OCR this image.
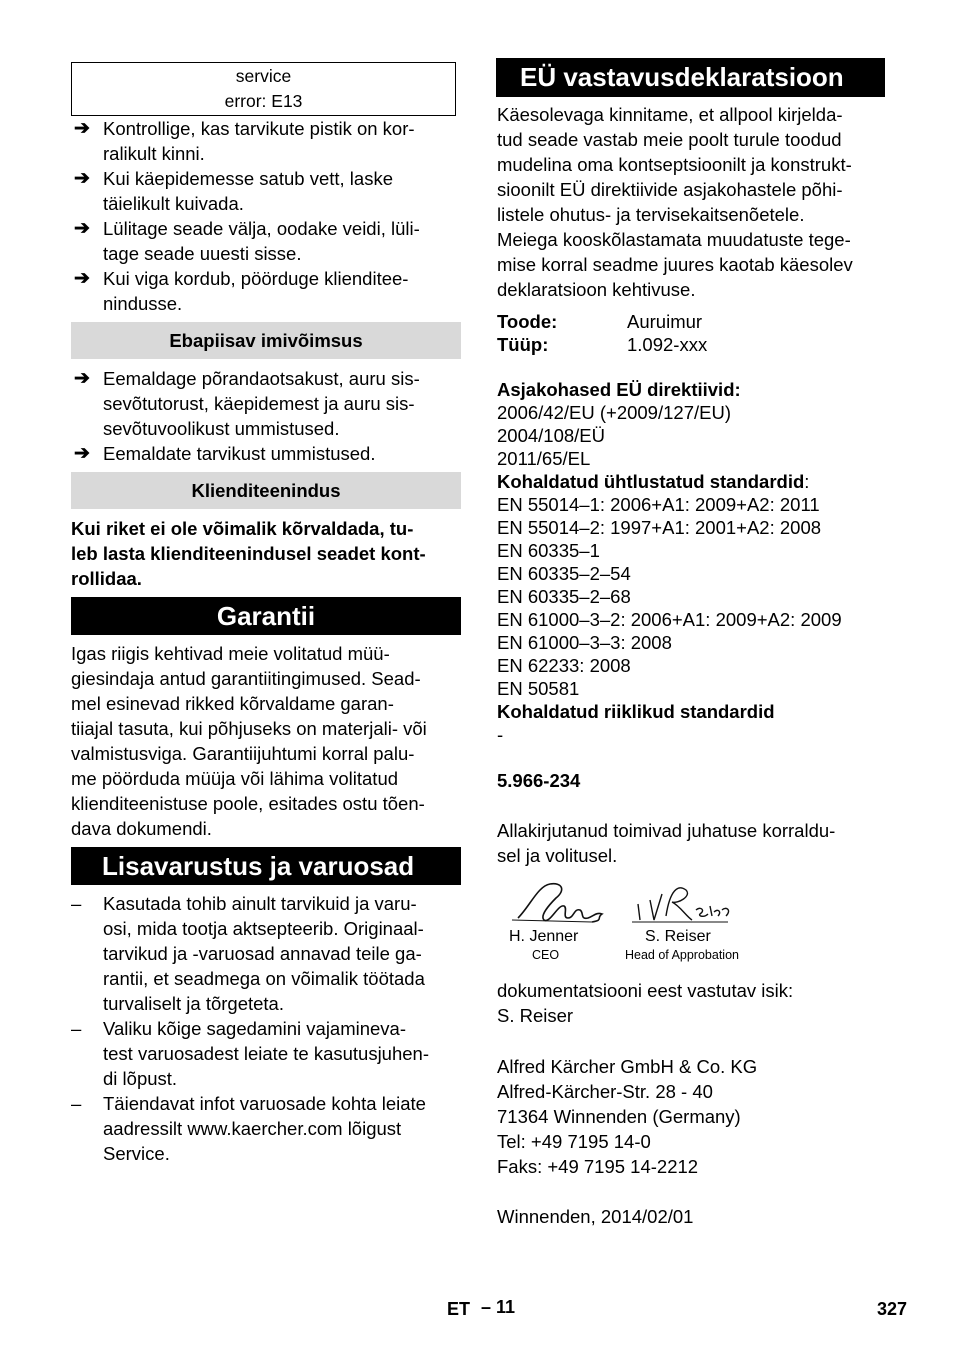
service
error: E13
➔ Kontrollige, kas tarvikute pistik on kor-
ralikult kinni.
➔ Kui käepidemesse satub vett, laske
täielikult kuivada.
➔ Lülitage seade välja, oodake veidi, lüli-
tage seade uuesti sisse.
➔ Kui viga kordub, pöörduge klienditee-
nindusse.
Ebapiisav imivõimsus
➔ Eemaldage põrandaotsakust, auru sis-
sevõtutorust, käepidemest ja auru sis-
sevõtuvoolikust ummistused.
➔ Eemaldate tarvikust ummistused.
Klienditeenindus
Kui riket ei ole võimalik kõrvaldada, tu-
leb lasta klienditeenindusel seadet kont-
rollidaa.
Garantii
Igas riigis kehtivad meie volitatud müü-
giesindaja antud garantiitingimused. Sead-
mel esinevad rikked kõrvaldame garan-
tiiajal tasuta, kui põhjuseks on materjali- või
valmistusviga. Garantiijuhtumi korral palu-
me pöörduda müüja või lähima volitatud
klienditeenistuse poole, esitades ostu tõen-
dava dokumendi.
Lisavarustus ja varuosad
– Kasutada tohib ainult tarvikuid ja varu-
osi, mida tootja aktsepteerib. Originaal-
tarvikud ja -varuosad annavad teile ga-
rantii, et seadmega on võimalik töötada
turvaliselt ja tõrgeteta.
– Valiku kõige sagedamini vajamineva-
test varuosadest leiate te kasutusjuhen-
di lõpust.
– Täiendavat infot varuosade kohta leiate
aadressilt www.kaercher.com lõigust
Service.
EÜ vastavusdeklaratsioon
Käesolevaga kinnitame, et allpool kirjelda-
tud seade vastab meie poolt turule toodud
mudelina oma kontseptsioonilt ja konstrukt-
sioonilt EÜ direktiivide asjakohastele põhi-
listele ohutus- ja tervisekaitsenõetele.
Meiega kooskõlastamata muudatuste tege-
mise korral seadme juures kaotab käesolev
deklaratsioon kehtivuse.
Toode:	Auruimur
Tüüp:	1.092-xxx
Asjakohased EÜ direktiivid:
2006/42/EU (+2009/127/EU)
2004/108/EÜ
2011/65/EL
Kohaldatud ühtlustatud standardid:
EN 55014–1: 2006+A1: 2009+A2: 2011
EN 55014–2: 1997+A1: 2001+A2: 2008
EN 60335–1
EN 60335–2–54
EN 60335–2–68
EN 61000–3–2: 2006+A1: 2009+A2: 2009
EN 61000–3–3: 2008
EN 62233: 2008
EN 50581
Kohaldatud riiklikud standardid
-
5.966-234
Allakirjutanud toimivad juhatuse korraldu-
sel ja volitusel.
H. Jenner
CEO
S. Reiser
Head of Approbation
dokumentatsiooni eest vastutav isik:
S. Reiser
Alfred Kärcher GmbH & Co. KG
Alfred-Kärcher-Str. 28 - 40
71364 Winnenden (Germany)
Tel: +49 7195 14-0
Faks: +49 7195 14-2212
Winnenden, 2014/02/01
ET – 11	327
